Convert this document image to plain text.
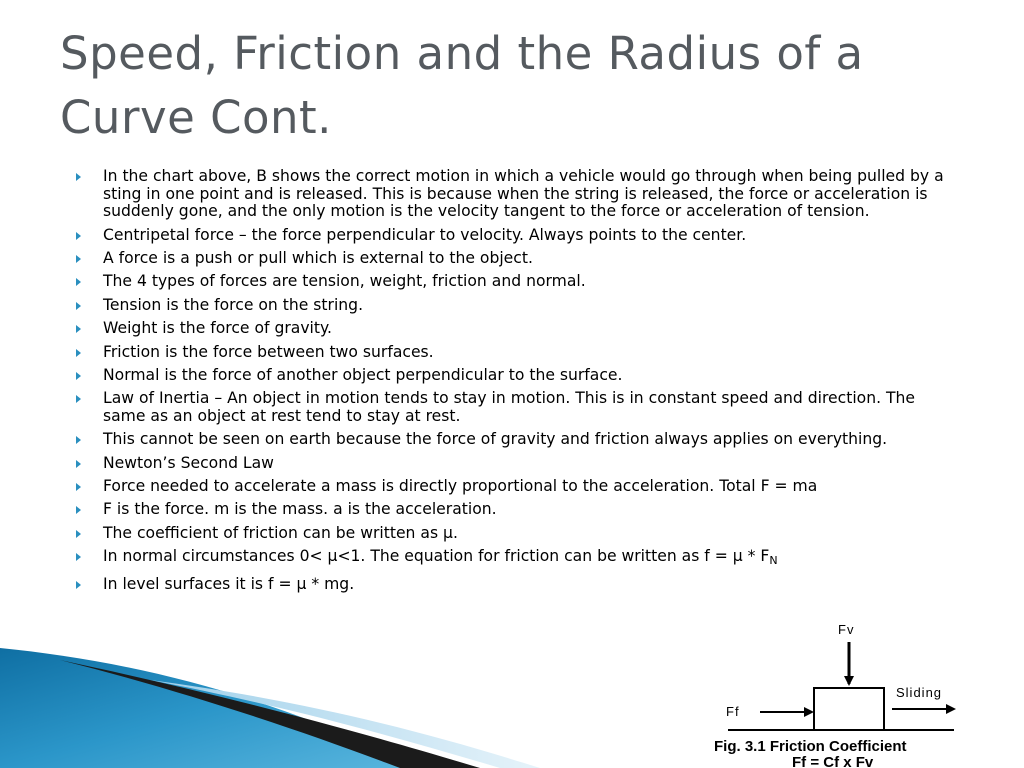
Speed, Friction and the Radius of a Curve Cont.
In the chart above, B shows the correct motion in which a vehicle would go through when being pulled by a sting in one point and is released. This is because when the string is released, the force or acceleration is suddenly gone, and the only motion is the velocity tangent to the force or acceleration of tension.
Centripetal force – the force perpendicular to velocity. Always points to the center.
A force is a push or pull which is external to the object.
The 4 types of forces are tension, weight, friction and normal.
Tension is the force on the string.
Weight is the force of gravity.
Friction is the force between two surfaces.
Normal is the force of another object perpendicular to the surface.
Law of Inertia – An object in motion tends to stay in motion. This is in constant speed and direction. The same as an object at rest tend to stay at rest.
This cannot be seen on earth because the force of gravity and friction always applies on everything.
Newton’s Second Law
Force needed to accelerate a mass is directly proportional to the acceleration. Total F = ma
F is the force. m is the mass. a is the acceleration.
The coefficient of friction can be written as μ.
In normal circumstances 0< μ<1. The equation for friction can be written as $f = \mu * F_N$
In level surfaces it is f = μ * mg.
Fv
Ff
Sliding
Fig. 3.1 Friction Coefficient
Ff = Cf x Fv
